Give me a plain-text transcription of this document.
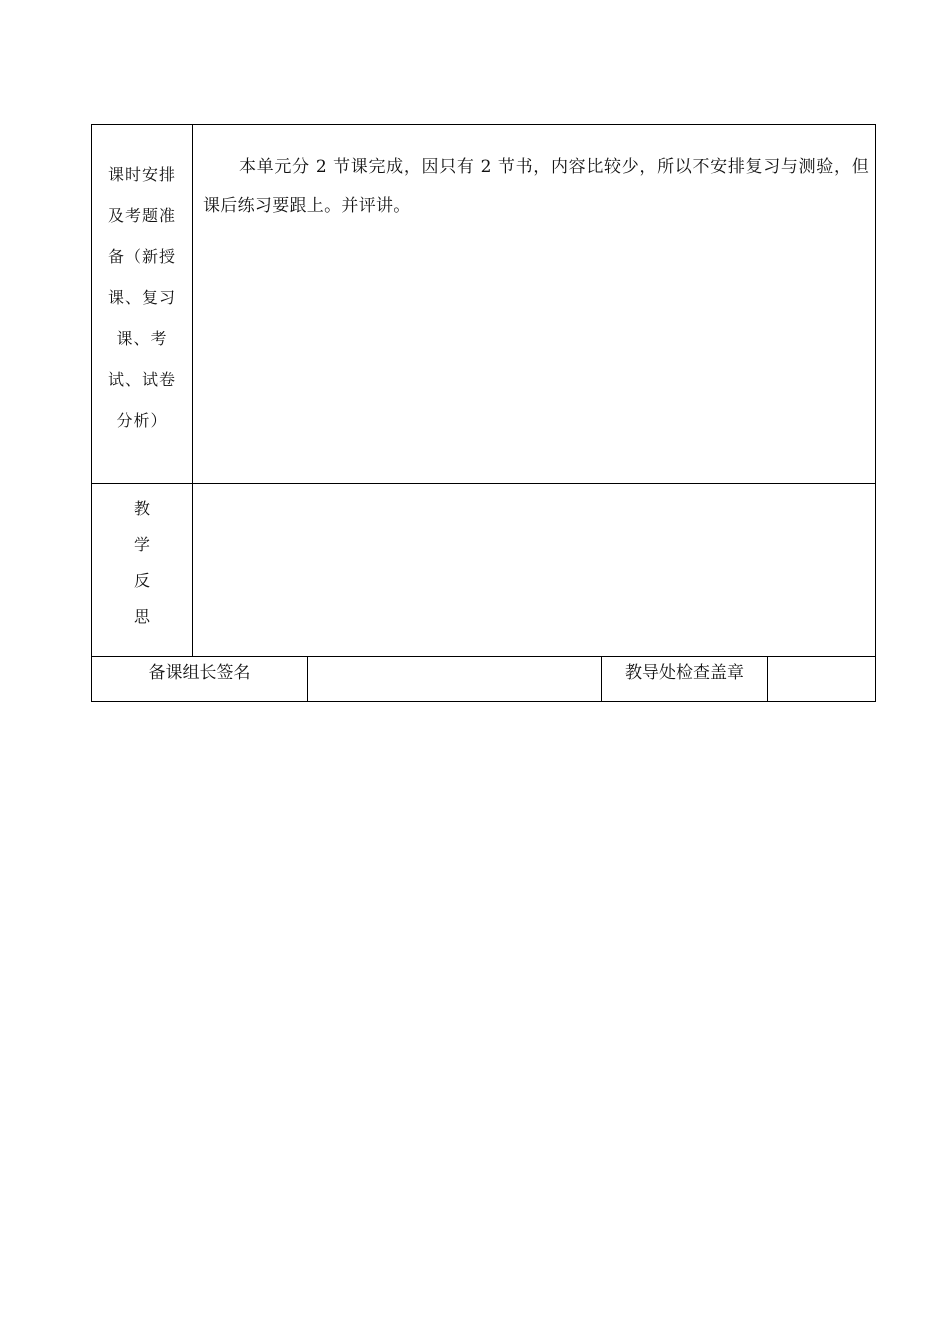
课时安排
及考题准
备（新授
课、复习
课、考
试、试卷
分析）
本单元分 2 节课完成，因只有 2 节书，内容比较少，所以不安排复习与测验，但课后练习要跟上。并评讲。
教
学
反
思
备课组长签名	教导处检查盖章
